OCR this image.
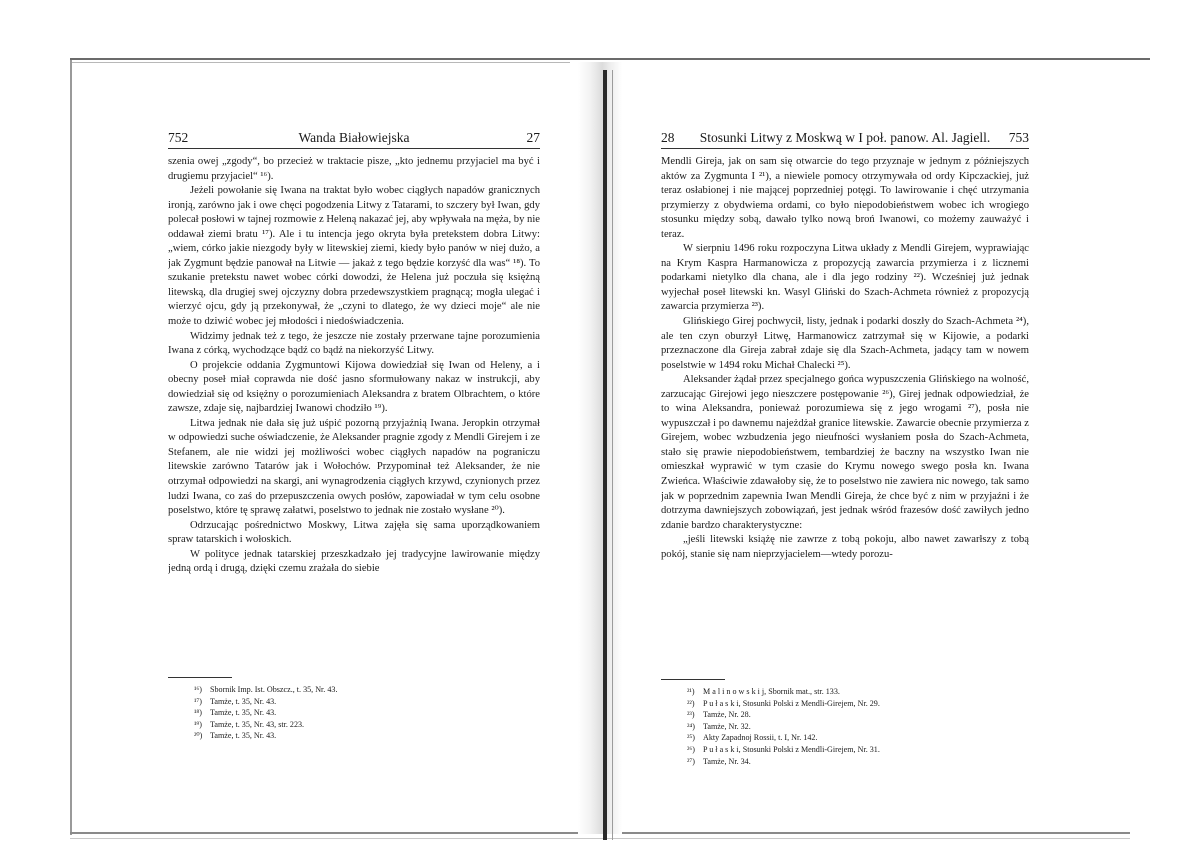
752	Wanda Białowiejska	27

szenia owej „zgody“, bo przecież w traktacie pisze, „kto jednemu przyjaciel ma być i drugiemu przyjaciel“ ¹⁶).

Jeżeli powołanie się Iwana na traktat było wobec ciągłych napadów granicznych ironją, zarówno jak i owe chęci pogodzenia Litwy z Tatarami, to szczery był Iwan, gdy polecał posłowi w tajnej rozmowie z Heleną nakazać jej, aby wpływała na męża, by nie oddawał ziemi bratu ¹⁷). Ale i tu intencja jego okryta była pretekstem dobra Litwy: „wiem, córko jakie niezgody były w litewskiej ziemi, kiedy było panów w niej dużo, a jak Zygmunt będzie panował na Litwie — jakaż z tego będzie korzyść dla was“ ¹⁸). To szukanie pretekstu nawet wobec córki dowodzi, że Helena już poczuła się księżną litewską, dla drugiej swej ojczyzny dobra przedewszystkiem pragnącą; mogła ulegać i wierzyć ojcu, gdy ją przekonywał, że „czyni to dlatego, że wy dzieci moje“ ale nie może to dziwić wobec jej młodości i niedoświadczenia.

Widzimy jednak też z tego, że jeszcze nie zostały przerwane tajne porozumienia Iwana z córką, wychodzące bądź co bądź na niekorzyść Litwy.

O projekcie oddania Zygmuntowi Kijowa dowiedział się Iwan od Heleny, a i obecny poseł miał coprawda nie dość jasno sformułowany nakaz w instrukcji, aby dowiedział się od księżny o porozumieniach Aleksandra z bratem Olbrachtem, o które zawsze, zdaje się, najbardziej Iwanowi chodziło ¹⁹).

Litwa jednak nie dała się już uśpić pozorną przyjaźnią Iwana. Jeropkin otrzymał w odpowiedzi suche oświadczenie, że Aleksander pragnie zgody z Mendli Girejem i ze Stefanem, ale nie widzi jej możliwości wobec ciągłych napadów na pograniczu litewskie zarówno Tatarów jak i Wołochów. Przypominał też Aleksander, że nie otrzymał odpowiedzi na skargi, ani wynagrodzenia ciągłych krzywd, czynionych przez ludzi Iwana, co zaś do przepuszczenia owych posłów, zapowiadał w tym celu osobne poselstwo, które tę sprawę załatwi, poselstwo to jednak nie zostało wysłane ²⁰).

Odrzucając pośrednictwo Moskwy, Litwa zajęła się sama uporządkowaniem spraw tatarskich i wołoskich.

W polityce jednak tatarskiej przeszkadzało jej tradycyjne lawirowanie między jedną ordą i drugą, dzięki czemu zrażała do siebie

¹⁶) Sbornik Imp. Ist. Obszcz., t. 35, Nr. 43.
¹⁷) Tamże, t. 35, Nr. 43.
¹⁸) Tamże, t. 35, Nr. 43.
¹⁹) Tamże, t. 35, Nr. 43, str. 223.
²⁰) Tamże, t. 35, Nr. 43.
28	Stosunki Litwy z Moskwą w I poł. panow. Al. Jagiell.	753

Mendli Gireja, jak on sam się otwarcie do tego przyznaje w jednym z późniejszych aktów za Zygmunta I ²¹), a niewiele pomocy otrzymywała od ordy Kipczackiej, już teraz osłabionej i nie mającej poprzedniej potęgi. To lawirowanie i chęć utrzymania przymierzy z obydwiema ordami, co było niepodobieństwem wobec ich wrogiego stosunku między sobą, dawało tylko nową broń Iwanowi, co możemy zauważyć i teraz.

W sierpniu 1496 roku rozpoczyna Litwa układy z Mendli Girejem, wyprawiając na Krym Kaspra Harmanowicza z propozycją zawarcia przymierza i z licznemi podarkami nietylko dla chana, ale i dla jego rodziny ²²). Wcześniej już jednak wyjechał poseł litewski kn. Wasyl Gliński do Szach-Achmeta również z propozycją zawarcia przymierza ²³).

Glińskiego Girej pochwycił, listy, jednak i podarki doszły do Szach-Achmeta ²⁴), ale ten czyn oburzył Litwę, Harmanowicz zatrzymał się w Kijowie, a podarki przeznaczone dla Gireja zabrał zdaje się dla Szach-Achmeta, jadący tam w nowem poselstwie w 1494 roku Michał Chalecki ²⁵).

Aleksander żądał przez specjalnego gońca wypuszczenia Glińskiego na wolność, zarzucając Girejowi jego nieszczere postępowanie ²⁶), Girej jednak odpowiedział, że to wina Aleksandra, ponieważ porozumiewa się z jego wrogami ²⁷), posła nie wypuszczał i po dawnemu najeżdżał granice litewskie. Zawarcie obecnie przymierza z Girejem, wobec wzbudzenia jego nieufności wysłaniem posła do Szach-Achmeta, stało się prawie niepodobieństwem, tembardziej że baczny na wszystko Iwan nie omieszkał wyprawić w tym czasie do Krymu nowego swego posła kn. Iwana Zwieńca. Właściwie zdawałoby się, że to poselstwo nie zawiera nic nowego, tak samo jak w poprzednim zapewnia Iwan Mendli Gireja, że chce być z nim w przyjaźni i że dotrzyma dawniejszych zobowiązań, jest jednak wśród frazesów dość zawiłych jedno zdanie bardzo charakterystyczne:

„jeśli litewski książę nie zawrze z tobą pokoju, albo nawet zawarłszy z tobą pokój, stanie się nam nieprzyjacielem—wtedy porozu-

²¹) M a l i n o w s k i j, Sbornik mat., str. 133.
²²) P u ł a s k i, Stosunki Polski z Mendli-Girejem, Nr. 29.
²³) Tamże, Nr. 28.
²⁴) Tamże, Nr. 32.
²⁵) Akty Zapadnoj Rossii, t. I, Nr. 142.
²⁶) P u ł a s k i, Stosunki Polski z Mendli-Girejem, Nr. 31.
²⁷) Tamże, Nr. 34.
